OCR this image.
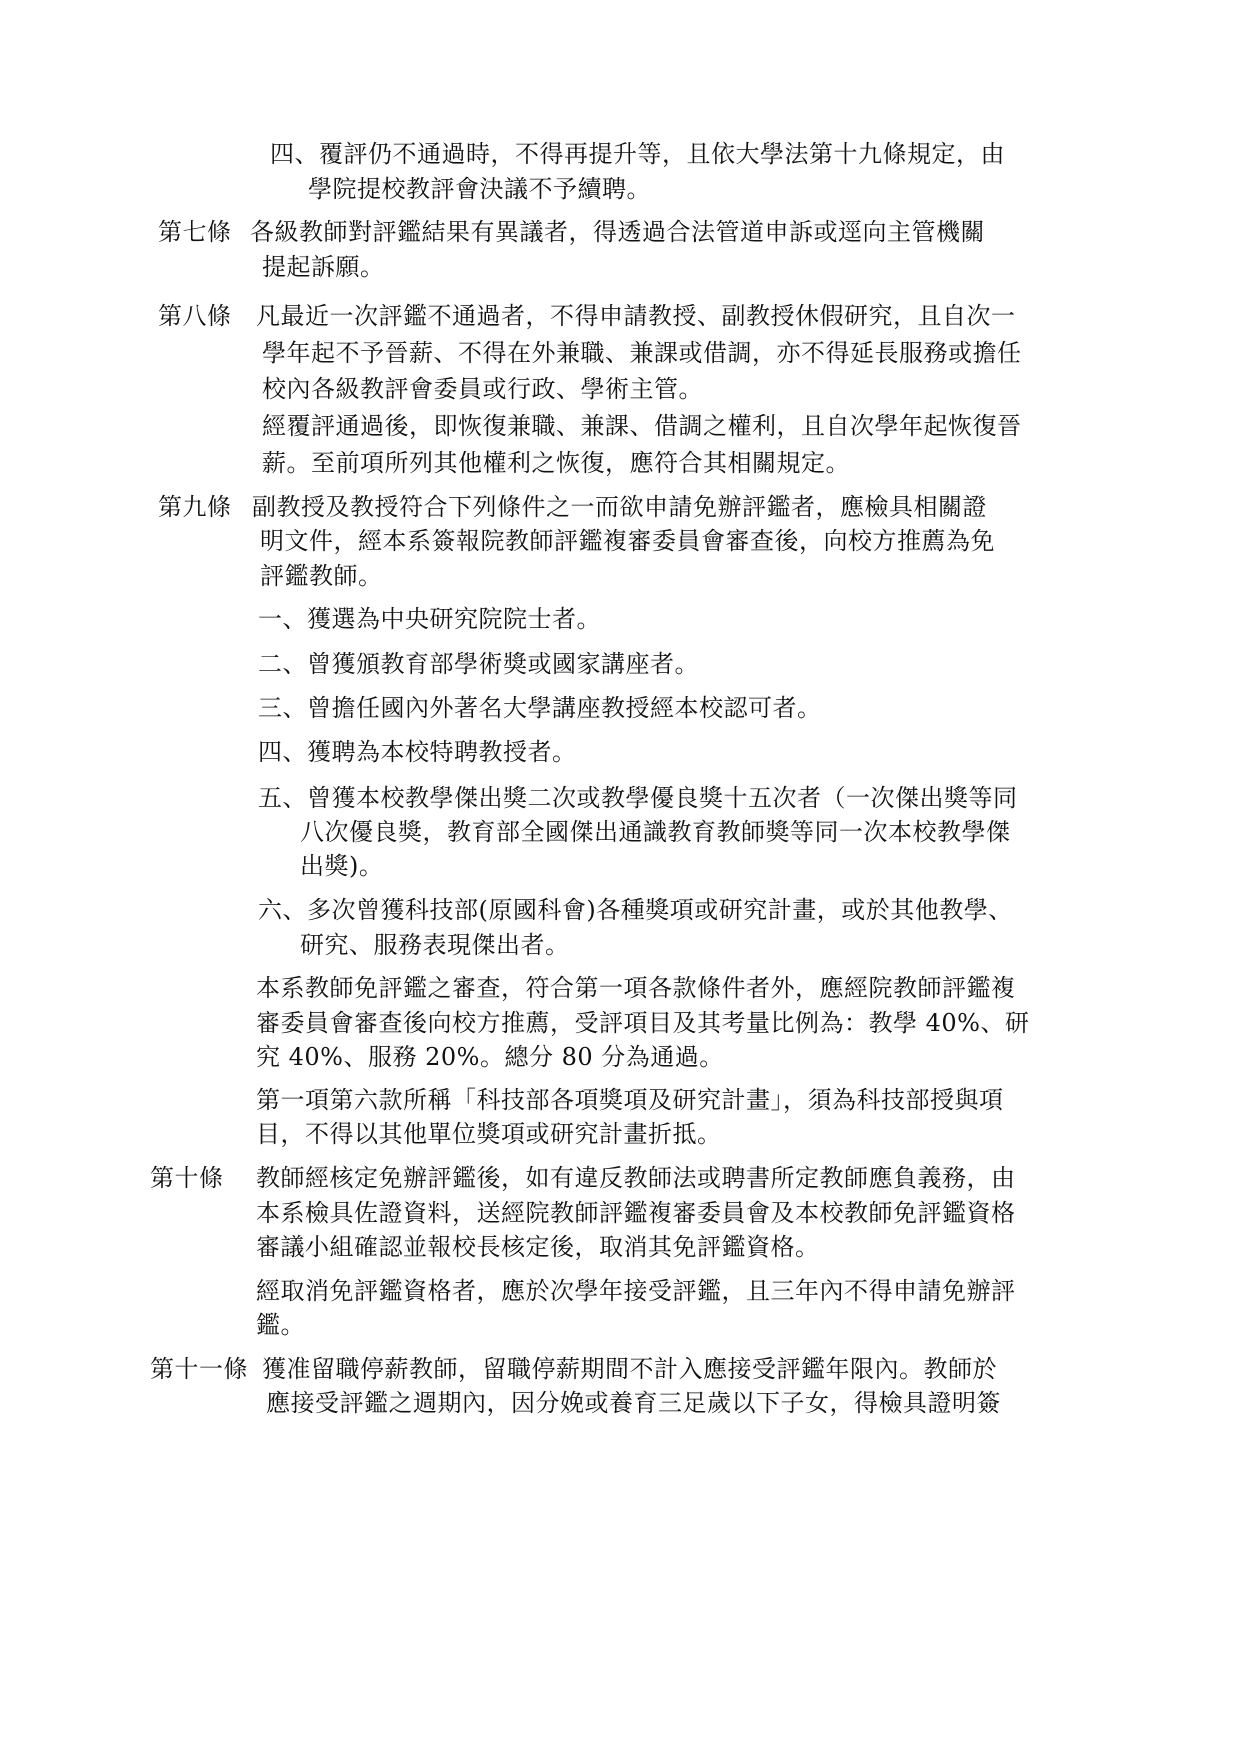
四、覆評仍不通過時，不得再提升等，且依大學法第十九條規定，由
學院提校教評會決議不予續聘。
第七條 各級教師對評鑑結果有異議者，得透過合法管道申訴或逕向主管機關
提起訴願。
第八條 凡最近一次評鑑不通過者，不得申請教授、副教授休假研究，且自次一
學年起不予晉薪、不得在外兼職、兼課或借調，亦不得延長服務或擔任
校內各級教評會委員或行政、學術主管。
經覆評通過後，即恢復兼職、兼課、借調之權利，且自次學年起恢復晉
薪。至前項所列其他權利之恢復，應符合其相關規定。
第九條 副教授及教授符合下列條件之一而欲申請免辦評鑑者，應檢具相關證
明文件，經本系簽報院教師評鑑複審委員會審查後，向校方推薦為免
評鑑教師。
一、獲選為中央研究院院士者。
二、曾獲頒教育部學術獎或國家講座者。
三、曾擔任國內外著名大學講座教授經本校認可者。
四、獲聘為本校特聘教授者。
五、曾獲本校教學傑出獎二次或教學優良獎十五次者（一次傑出獎等同
八次優良獎，教育部全國傑出通識教育教師獎等同一次本校教學傑
出獎)。
六、多次曾獲科技部(原國科會)各種獎項或研究計畫，或於其他教學、
研究、服務表現傑出者。
本系教師免評鑑之審查，符合第一項各款條件者外，應經院教師評鑑複
審委員會審查後向校方推薦，受評項目及其考量比例為：教學 40%、研
究 40%、服務 20%。總分 80 分為通過。
第一項第六款所稱「科技部各項獎項及研究計畫」，須為科技部授與項
目，不得以其他單位獎項或研究計畫折抵。
第十條 教師經核定免辦評鑑後，如有違反教師法或聘書所定教師應負義務，由
本系檢具佐證資料，送經院教師評鑑複審委員會及本校教師免評鑑資格
審議小組確認並報校長核定後，取消其免評鑑資格。
經取消免評鑑資格者，應於次學年接受評鑑，且三年內不得申請免辦評
鑑。
第十一條 獲准留職停薪教師，留職停薪期間不計入應接受評鑑年限內。教師於
應接受評鑑之週期內，因分娩或養育三足歲以下子女，得檢具證明簽
